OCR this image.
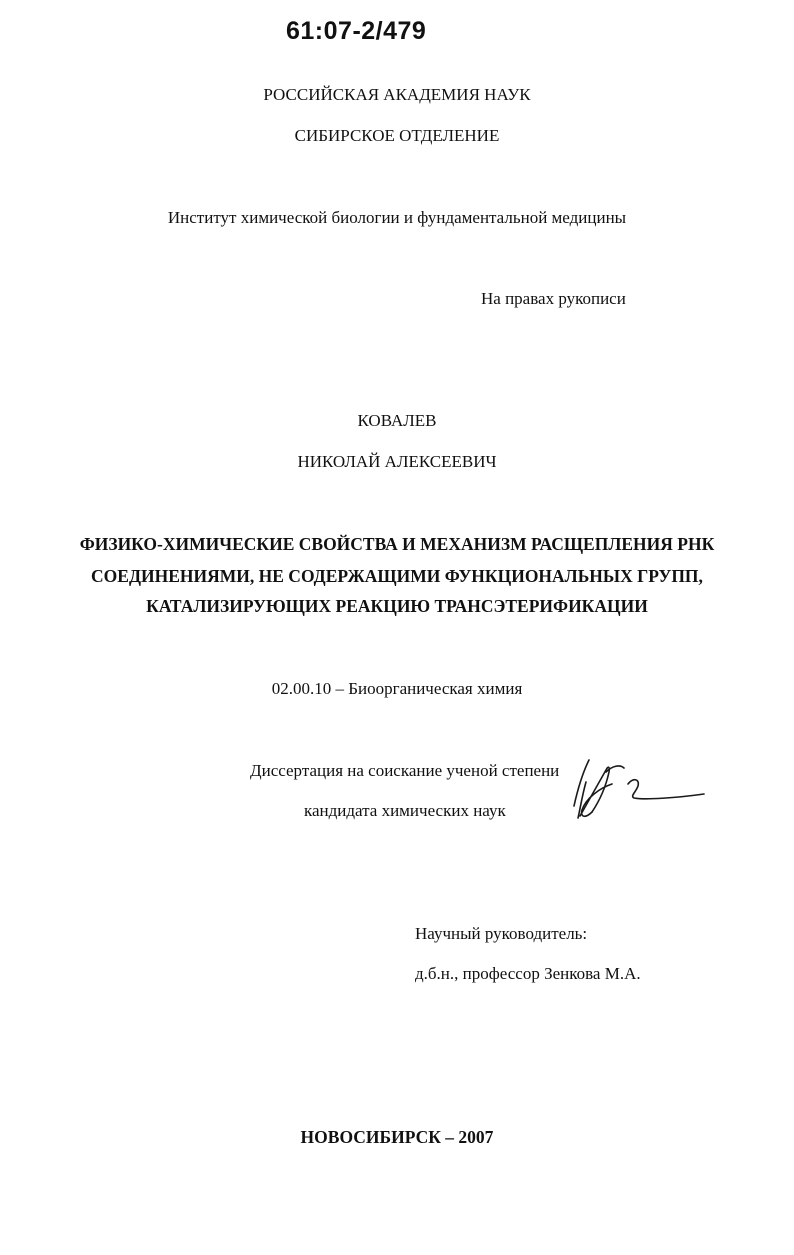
61:07-2/479
РОССИЙСКАЯ АКАДЕМИЯ НАУК
СИБИРСКОЕ ОТДЕЛЕНИЕ
Институт химической биологии и фундаментальной медицины
На правах рукописи
КОВАЛЕВ
НИКОЛАЙ АЛЕКСЕЕВИЧ
ФИЗИКО-ХИМИЧЕСКИЕ СВОЙСТВА И МЕХАНИЗМ РАСЩЕПЛЕНИЯ РНК
СОЕДИНЕНИЯМИ, НЕ СОДЕРЖАЩИМИ ФУНКЦИОНАЛЬНЫХ ГРУПП,
КАТАЛИЗИРУЮЩИХ РЕАКЦИЮ ТРАНСЭТЕРИФИКАЦИИ
02.00.10 – Биоорганическая химия
Диссертация на соискание ученой степени
кандидата химических наук
Научный руководитель:
д.б.н., профессор Зенкова М.А.
НОВОСИБИРСК – 2007
